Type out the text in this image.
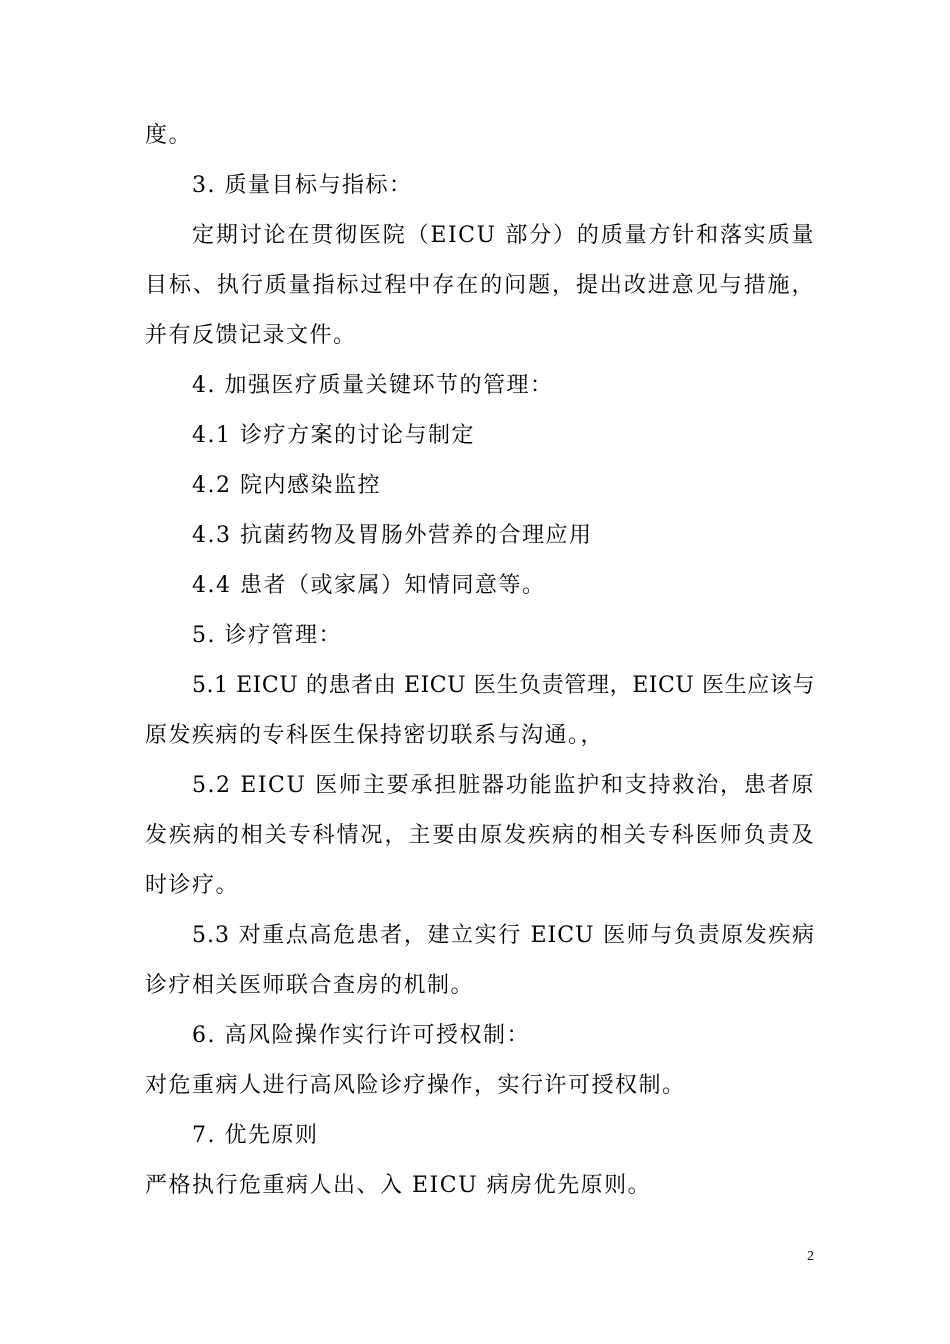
度。
3. 质量目标与指标：
定期讨论在贯彻医院（EICU 部分）的质量方针和落实质量
目标、执行质量指标过程中存在的问题，提出改进意见与措施，
并有反馈记录文件。
4. 加强医疗质量关键环节的管理：
4.1 诊疗方案的讨论与制定
4.2 院内感染监控
4.3 抗菌药物及胃肠外营养的合理应用
4.4 患者（或家属）知情同意等。
5. 诊疗管理：
5.1 EICU 的患者由 EICU 医生负责管理，EICU 医生应该与
原发疾病的专科医生保持密切联系与沟通。，
5.2 EICU 医师主要承担脏器功能监护和支持救治，患者原
发疾病的相关专科情况，主要由原发疾病的相关专科医师负责及
时诊疗。
5.3 对重点高危患者，建立实行 EICU 医师与负责原发疾病
诊疗相关医师联合查房的机制。
6. 高风险操作实行许可授权制：
对危重病人进行高风险诊疗操作，实行许可授权制。
7. 优先原则
严格执行危重病人出、入 EICU 病房优先原则。
2
